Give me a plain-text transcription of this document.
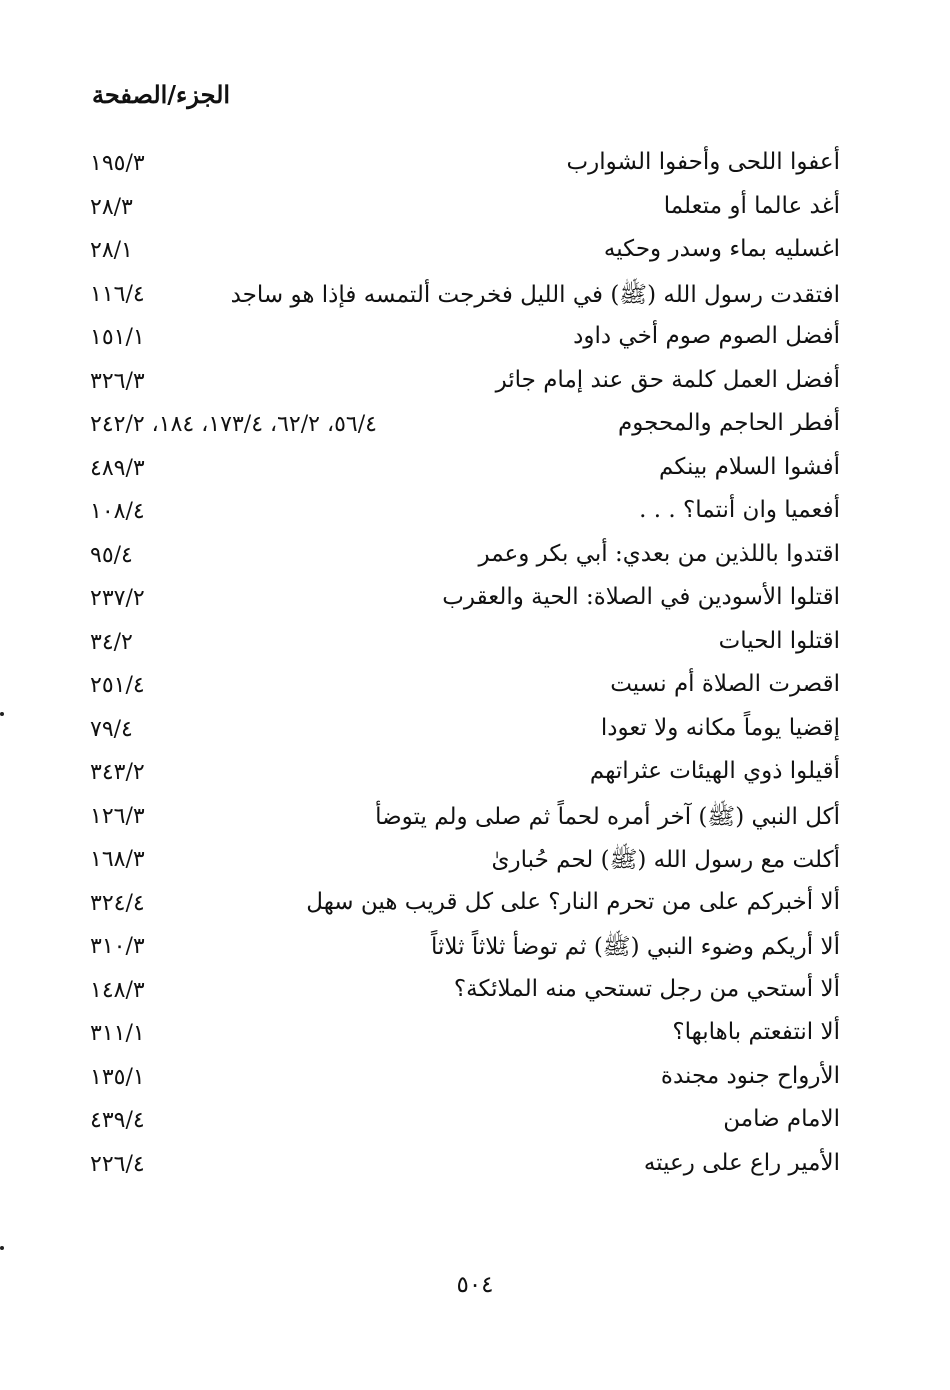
الجزء/الصفحة
أعفوا اللحى وأحفوا الشوارب
١٩٥/٣
أغد عالما أو متعلما
٢٨/٣
اغسليه بماء وسدر وحكيه
٢٨/١
افتقدت رسول الله (ﷺ) في الليل فخرجت ألتمسه فإذا هو ساجد
١١٦/٤
أفضل الصوم صوم أخي داود
١٥١/١
أفضل العمل كلمة حق عند إمام جائر
٣٢٦/٣
أفطر الحاجم والمحجوم
٥٦/٤، ٦٢/٢، ١٧٣/٤، ١٨٤، ٢٤٢/٢
أفشوا السلام بينكم
٤٨٩/٣
أفعميا وان أنتما؟ . . .
١٠٨/٤
اقتدوا باللذين من بعدي: أبي بكر وعمر
٩٥/٤
اقتلوا الأسودين في الصلاة: الحية والعقرب
٢٣٧/٢
اقتلوا الحيات
٣٤/٢
اقصرت الصلاة أم نسيت
٢٥١/٤
إقضيا يوماً مكانه ولا تعودا
٧٩/٤
أقيلوا ذوي الهيئات عثراتهم
٣٤٣/٢
أكل النبي (ﷺ) آخر أمره لحماً ثم صلى ولم يتوضأ
١٢٦/٣
أكلت مع رسول الله (ﷺ) لحم حُبارىٰ
١٦٨/٣
ألا أخبركم على من تحرم النار؟ على كل قريب هين سهل
٣٢٤/٤
ألا أريكم وضوء النبي (ﷺ) ثم توضأ ثلاثاً ثلاثاً
٣١٠/٣
ألا أستحي من رجل تستحي منه الملائكة؟
١٤٨/٣
ألا انتفعتم باهابها؟
٣١١/١
الأرواح جنود مجندة
١٣٥/١
الامام ضامن
٤٣٩/٤
الأمير راع على رعيته
٢٢٦/٤
٥٠٤
